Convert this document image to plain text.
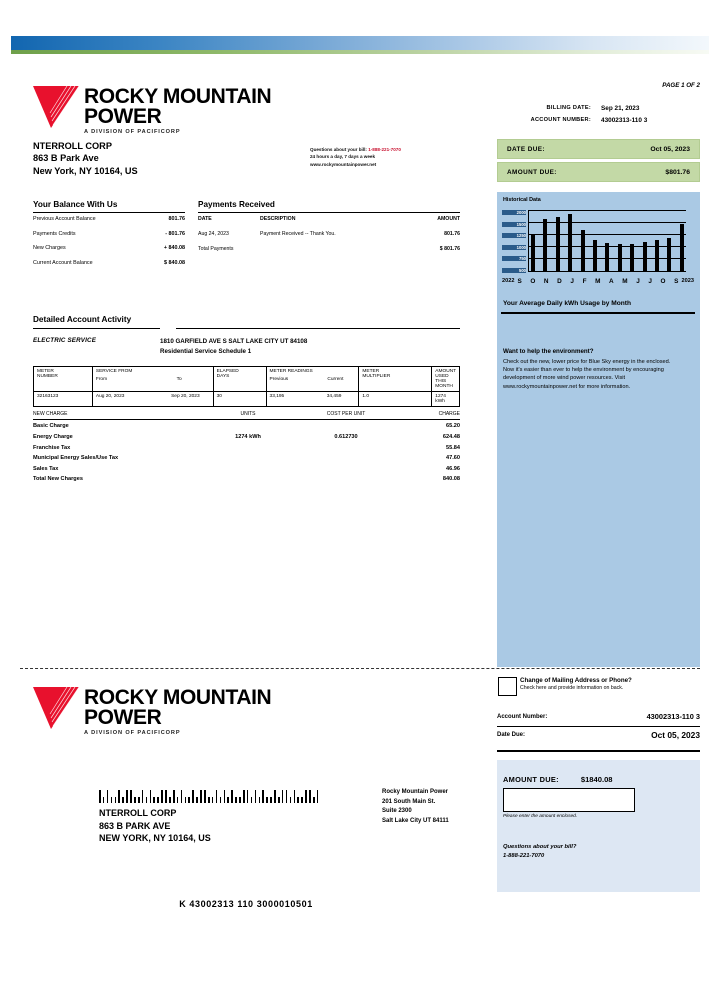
ROCKY MOUNTAIN
POWER
A DIVISION OF PACIFICORP
NTERROLL CORP
863 B Park Ave
New York, NY 10164, US
Questions about your bill: 1-888-221-7070
24 hours a day, 7 days a week
www.rockymountainpower.net
PAGE 1 OF 2
BILLING DATE:	Sep 21, 2023
ACCOUNT NUMBER:	43002313-110 3
DATE DUE:	Oct 05, 2023
AMOUNT DUE:	$801.76
Historical Data
2000
1500
1250
1000
750
500
2022 S O N D J F M A M J J O S 2023
Your Average Daily kWh Usage by Month
Want to help the environment?

Check out the new, lower price for Blue Sky energy in the enclosed. Now it's easier than ever to help the environment by encouraging development of more wind power resources. Visit www.rockymountainpower.net for more information.

Your Balance With Us
Previous Account Balance	801.76
Payments Credits	- 801.76
New Charges	+ 840.08
Current Account Balance	$ 840.08
Payments Received
DATE	DESCRIPTION	AMOUNT
Aug 24, 2023	Payment Received -- Thank You.	801.76
Total Payments	$ 801.76
Detailed Account Activity
ELECTRIC SERVICE	1810 GARFIELD AVE S SALT LAKE CITY UT 84108
Residential Service Schedule 1
METER
NUMBER

SERVICE FROM
From	To

ELAPSED
DAYS

METER READINGS
Previous	Current

METER
MULTIPLIER

AMOUNT USED
THIS MONTH

32163123	Aug 20, 2023 Sep 20, 2023	30	33,195 34,459	1.0	1274 kWh
NEW CHARGE	UNITS	COST PER UNIT	CHARGE
Basic Charge	65.20
Energy Charge	1274 kWh	0.612730	624.48
Franchise Tax	55.84
Municipal Energy Sales/Use Tax	47.60
Sales Tax	46.96
Total New Charges	840.08
ROCKY MOUNTAIN
POWER
A DIVISION OF PACIFICORP
Change of Mailing Address or Phone?
Check here and provide information on back.
Account Number:	43002313-110 3
Date Due:	Oct 05, 2023
AMOUNT DUE:	$1840.08
Please enter the amount enclosed.
Questions about your bill?
1-888-221-7070
NTERROLL CORP
863 B PARK AVE
NEW YORK, NY 10164, US
Rocky Mountain Power
201 South Main St.
Suite 2300
Salt Lake City UT 84111
K 43002313 110 3000010501
